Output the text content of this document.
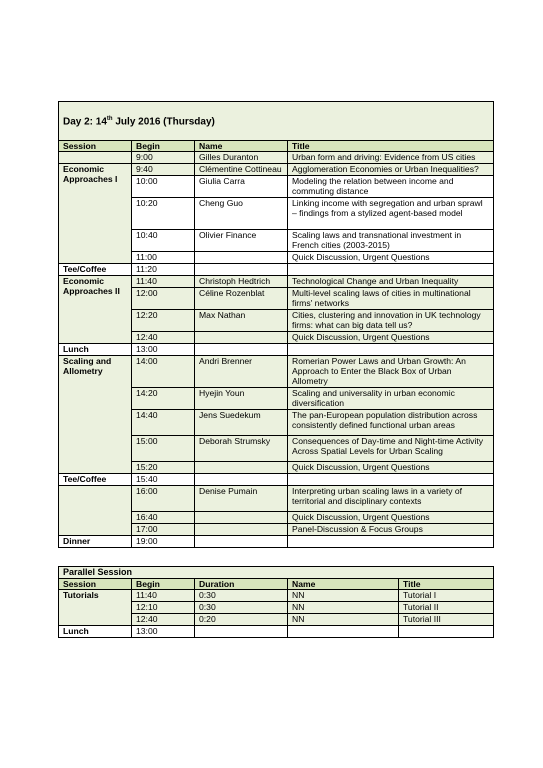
Day 2: 14th July 2016 (Thursday)			
Session	Begin	Name	Title
	9:00	Gilles Duranton	Urban form and driving: Evidence from US cities
Economic Approaches I	9:40	Clémentine Cottineau	Agglomeration Economies or Urban Inequalities?
	10:00	Giulia Carra	Modeling the relation between income and commuting distance
	10:20	Cheng Guo	Linking income with segregation and urban sprawl – findings from a stylized agent-based model
	10:40	Olivier Finance	Scaling laws and transnational investment in French cities (2003-2015)
	11:00		Quick Discussion, Urgent Questions
Tee/Coffee	11:20		
Economic Approaches II	11:40	Christoph Hedtrich	Technological Change and Urban Inequality
	12:00	Céline Rozenblat	Multi-level scaling laws of cities in multinational firms' networks
	12:20	Max Nathan	Cities, clustering and innovation in UK technology firms: what can big data tell us?
	12:40		Quick Discussion, Urgent Questions
Lunch	13:00		
Scaling and Allometry	14:00	Andri Brenner	Romerian Power Laws and Urban Growth: An Approach to Enter the Black Box of Urban Allometry
	14:20	Hyejin Youn	Scaling and universality in urban economic diversification
	14:40	Jens Suedekum	The pan-European population distribution across consistently defined functional urban areas
	15:00	Deborah Strumsky	Consequences of Day-time and Night-time Activity Across Spatial Levels for Urban Scaling
	15:20		Quick Discussion, Urgent Questions
Tee/Coffee	15:40		
	16:00	Denise Pumain	Interpreting urban scaling laws in a variety of territorial and disciplinary contexts
	16:40		Quick Discussion, Urgent Questions
	17:00		Panel-Discussion & Focus Groups
Dinner	19:00		
Parallel Session				
Session	Begin	Duration	Name	Title
Tutorials	11:40	0:30	NN	Tutorial I
	12:10	0:30	NN	Tutorial II
	12:40	0:20	NN	Tutorial III
Lunch	13:00			
